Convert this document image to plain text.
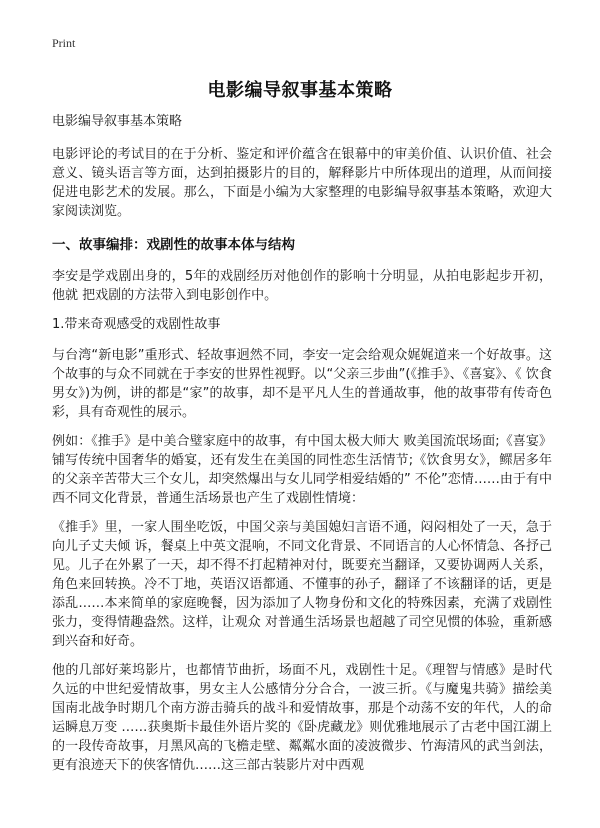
Print
电影编导叙事基本策略

电影编导叙事基本策略

电影评论的考试目的在于分析、鉴定和评价蕴含在银幕中的审美价值、认识价值、社会意义、镜头语言等方面，达到拍摄影片的目的，解释影片中所体现出的道理，从而间接促进电影艺术的发展。那么，下面是小编为大家整理的电影编导叙事基本策略，欢迎大家阅读浏览。

一、故事编排：戏剧性的故事本体与结构

李安是学戏剧出身的，5年的戏剧经历对他创作的影响十分明显，从拍电影起步开初，他就 把戏剧的方法带入到电影创作中。

1.带来奇观感受的戏剧性故事

与台湾“新电影”重形式、轻故事迥然不同，李安一定会给观众娓娓道来一个好故事。这 个故事的与众不同就在于李安的世界性视野。以“父亲三步曲”(《推手》、《喜宴》、《 饮食男女》)为例，讲的都是“家”的故事，却不是平凡人生的普通故事，他的故事带有传奇色彩，具有奇观性的展示。

例如：《推手》是中美合璧家庭中的故事，有中国太极大师大 败美国流氓场面;《喜宴》铺写传统中国奢华的婚宴，还有发生在美国的同性恋生活情节;《饮食男女》，鳏居多年的父亲辛苦带大三个女儿，却突然爆出与女儿同学相爱结婚的” 不伦”恋情……由于有中西不同文化背景，普通生活场景也产生了戏剧性情境：

《推手》里，一家人围坐吃饭，中国父亲与美国媳妇言语不通，闷闷相处了一天，急于向儿子丈夫倾 诉，餐桌上中英文混响，不同文化背景、不同语言的人心怀情急、各抒己见。儿子在外累了一天，却不得不打起精神对付，既要充当翻译，又要协调两人关系，角色来回转换。冷不丁地，英语汉语都通、不懂事的孙子，翻译了不该翻译的话，更是添乱……本来简单的家庭晚餐，因为添加了人物身份和文化的特殊因素，充满了戏剧性张力，变得情趣盎然。这样，让观众 对普通生活场景也超越了司空见惯的体验，重新感到兴奋和好奇。

他的几部好莱坞影片，也都情节曲折，场面不凡，戏剧性十足。《理智与情感》是时代久远的中世纪爱情故事，男女主人公感情分分合合，一波三折。《与魔鬼共骑》描绘美国南北战争时期几个南方游击骑兵的战斗和爱情故事，那是个动荡不安的年代，人的命运瞬息万变 ……获奥斯卡最佳外语片奖的《卧虎藏龙》则优雅地展示了古老中国江湖上的一段传奇故事，月黑风高的飞檐走壁、粼粼水面的凌波微步、竹海清风的武当剑法，更有浪迹天下的侠客情仇……这三部古装影片对中西观
